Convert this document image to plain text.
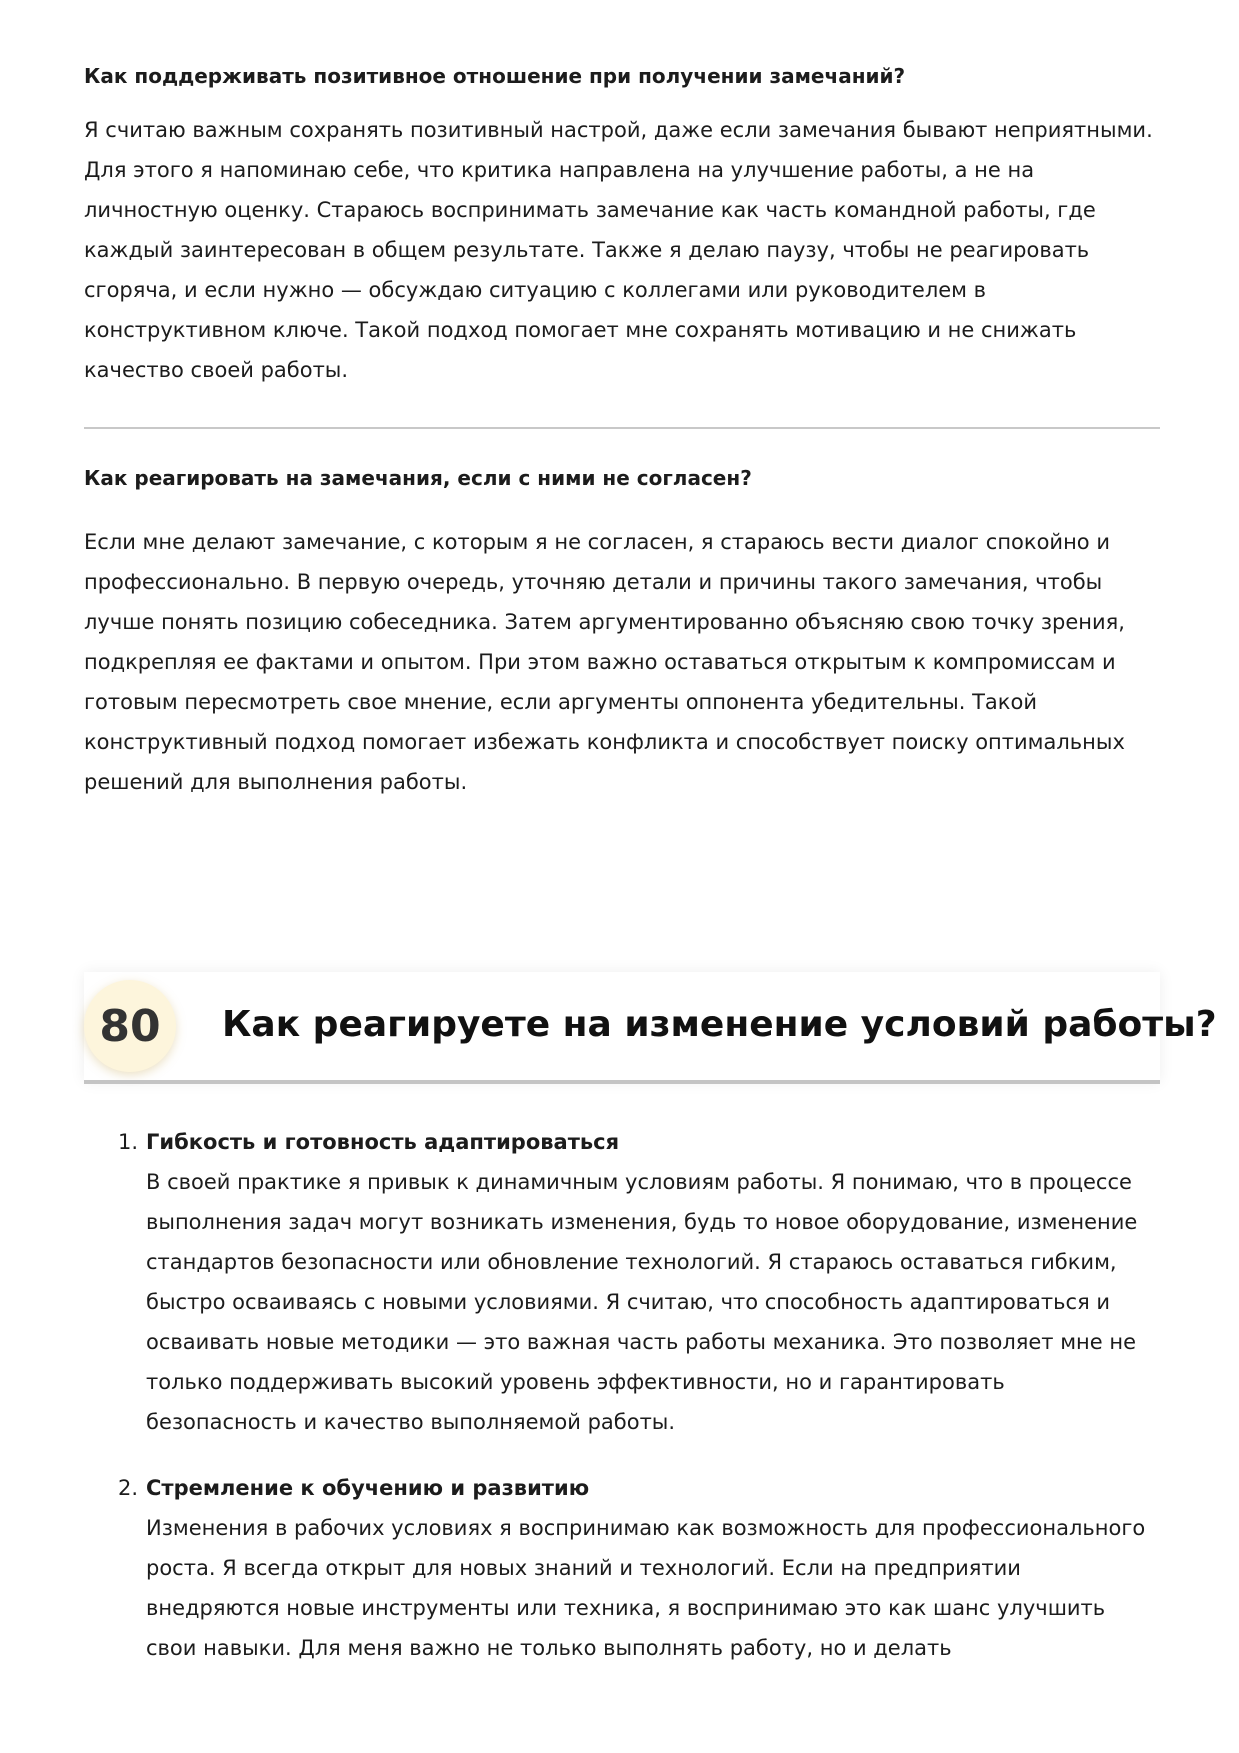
Как поддерживать позитивное отношение при получении замечаний?

Я считаю важным сохранять позитивный настрой, даже если замечания бывают неприятными. Для этого я напоминаю себе, что критика направлена на улучшение работы, а не на личностную оценку. Стараюсь воспринимать замечание как часть командной работы, где каждый заинтересован в общем результате. Также я делаю паузу, чтобы не реагировать сгоряча, и если нужно — обсуждаю ситуацию с коллегами или руководителем в конструктивном ключе. Такой подход помогает мне сохранять мотивацию и не снижать качество своей работы.

Как реагировать на замечания, если с ними не согласен?

Если мне делают замечание, с которым я не согласен, я стараюсь вести диалог спокойно и профессионально. В первую очередь, уточняю детали и причины такого замечания, чтобы лучше понять позицию собеседника. Затем аргументированно объясняю свою точку зрения, подкрепляя ее фактами и опытом. При этом важно оставаться открытым к компромиссам и готовым пересмотреть свое мнение, если аргументы оппонента убедительны. Такой конструктивный подход помогает избежать конфликта и способствует поиску оптимальных решений для выполнения работы.

80	Как реагируете на изменение условий работы?
1. Гибкость и готовность адаптироваться

В своей практике я привык к динамичным условиям работы. Я понимаю, что в процессе выполнения задач могут возникать изменения, будь то новое оборудование, изменение стандартов безопасности или обновление технологий. Я стараюсь оставаться гибким, быстро осваиваясь с новыми условиями. Я считаю, что способность адаптироваться и осваивать новые методики — это важная часть работы механика. Это позволяет мне не только поддерживать высокий уровень эффективности, но и гарантировать безопасность и качество выполняемой работы.

2. Стремление к обучению и развитию

Изменения в рабочих условиях я воспринимаю как возможность для профессионального роста. Я всегда открыт для новых знаний и технологий. Если на предприятии внедряются новые инструменты или техника, я воспринимаю это как шанс улучшить свои навыки. Для меня важно не только выполнять работу, но и делать
